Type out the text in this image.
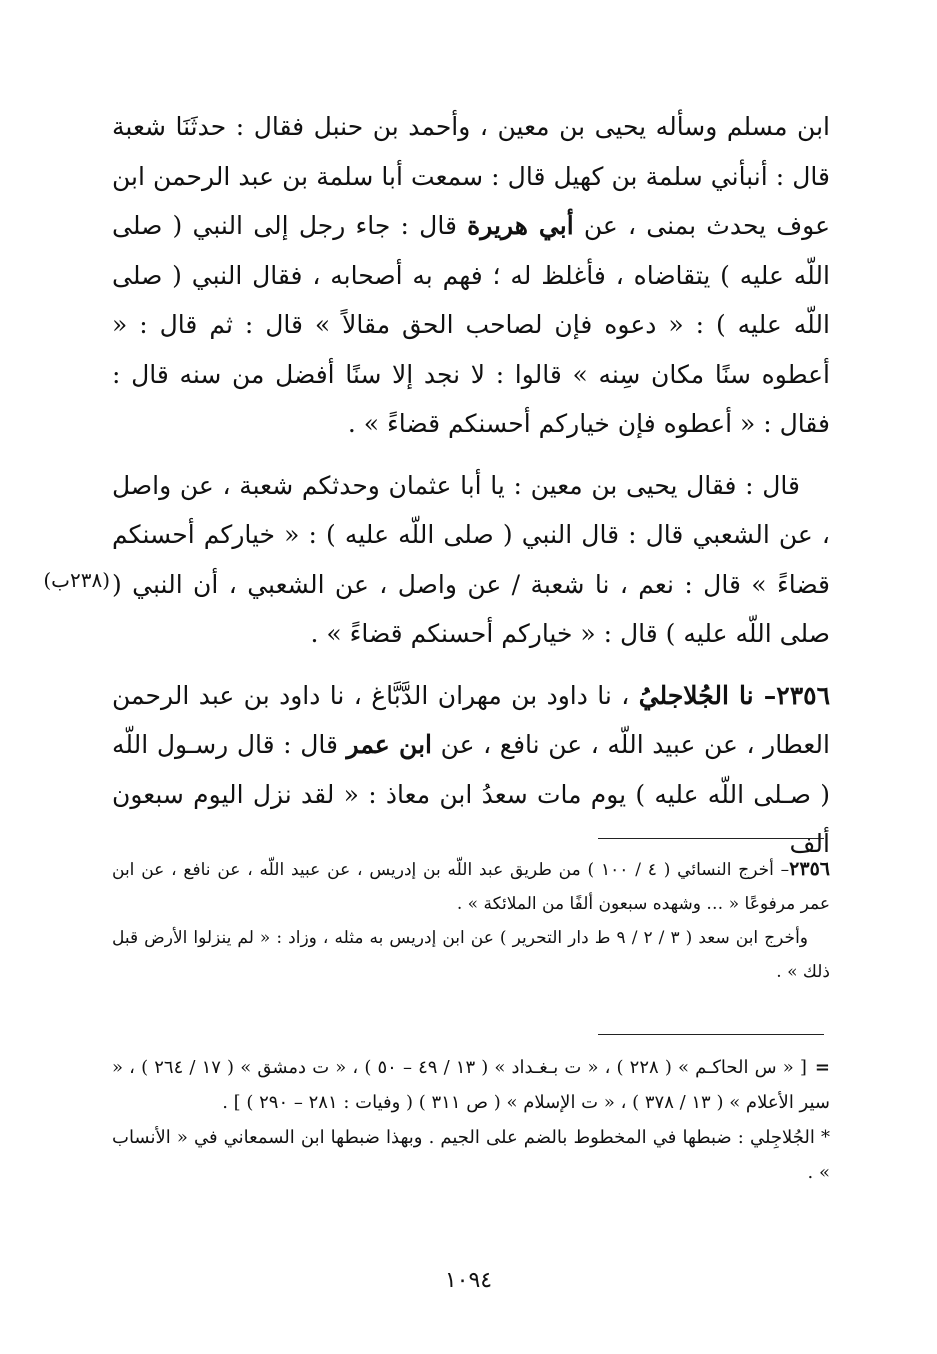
ابن مسلم وسأله يحيى بن معين ، وأحمد بن حنبل فقال : حدثَنَا شعبة قال : أنبأني سلمة بن كهيل قال : سمعت أبا سلمة بن عبد الرحمن ابن عوف يحدث بمنى ، عن أبي هريرة قال : جاء رجل إلى النبي ( صلى اللّه عليه ) يتقاضاه ، فأغلظ له ؛ فهم به أصحابه ، فقال النبي ( صلى اللّه عليه ) : « دعوه فإن لصاحب الحق مقالاً » قال : ثم قال : « أعطوه سنًا مكان سِنه » قالوا : لا نجد إلا سنًا أفضل من سنه قال : فقال : « أعطوه فإن خياركم أحسنكم قضاءً » .

قال : فقال يحيى بن معين : يا أبا عثمان وحدثكم شعبة ، عن واصل ، عن الشعبي قال : قال النبي ( صلى اللّه عليه ) : « خياركم أحسنكم قضاءً » قال : نعم ، نا شعبة / عن واصل ، عن الشعبي ، أن النبي ( صلى اللّه عليه ) قال : « خياركم أحسنكم قضاءً » .

٢٣٥٦– نا الجُلاجليُ ، نا داود بن مهران الدَّبَّاغ ، نا داود بن عبد الرحمن العطار ، عن عبيد اللّه ، عن نافع ، عن ابن عمر قال : قال رسـول اللّه ( صـلى اللّه عليه ) يوم مات سعدُ ابن معاذ : « لقد نزل اليوم سبعون ألف

(٢٣٨ب)

٢٣٥٦– أخرج النسائي ( ٤ / ١٠٠ ) من طريق عبد اللّه بن إدريس ، عن عبيد اللّه ، عن نافع ، عن ابن عمر مرفوعًا « … وشهده سبعون ألفًا من الملائكة » .

وأخرج ابن سعد ( ٣ / ٢ / ٩ ط دار التحرير ) عن ابن إدريس به مثله ، وزاد : « لم ينزلوا الأرض قبل ذلك » .

=[ « س الحاكـم » ( ٢٢٨ ) ، « ت بـغـداد » ( ١٣ / ٤٩ – ٥٠ ) ، « ت دمشق » ( ١٧ / ٢٦٤ ) ، « سير الأعلام » ( ١٣ / ٣٧٨ ) ، « ت الإسلام » ( ص ٣١١ ) ( وفيات : ٢٨١ – ٢٩٠ ) ] .

* الجُلاجِلي : ضبطها في المخطوط بالضم على الجيم . وبهذا ضبطها ابن السمعاني في « الأنساب » .

١٠٩٤
